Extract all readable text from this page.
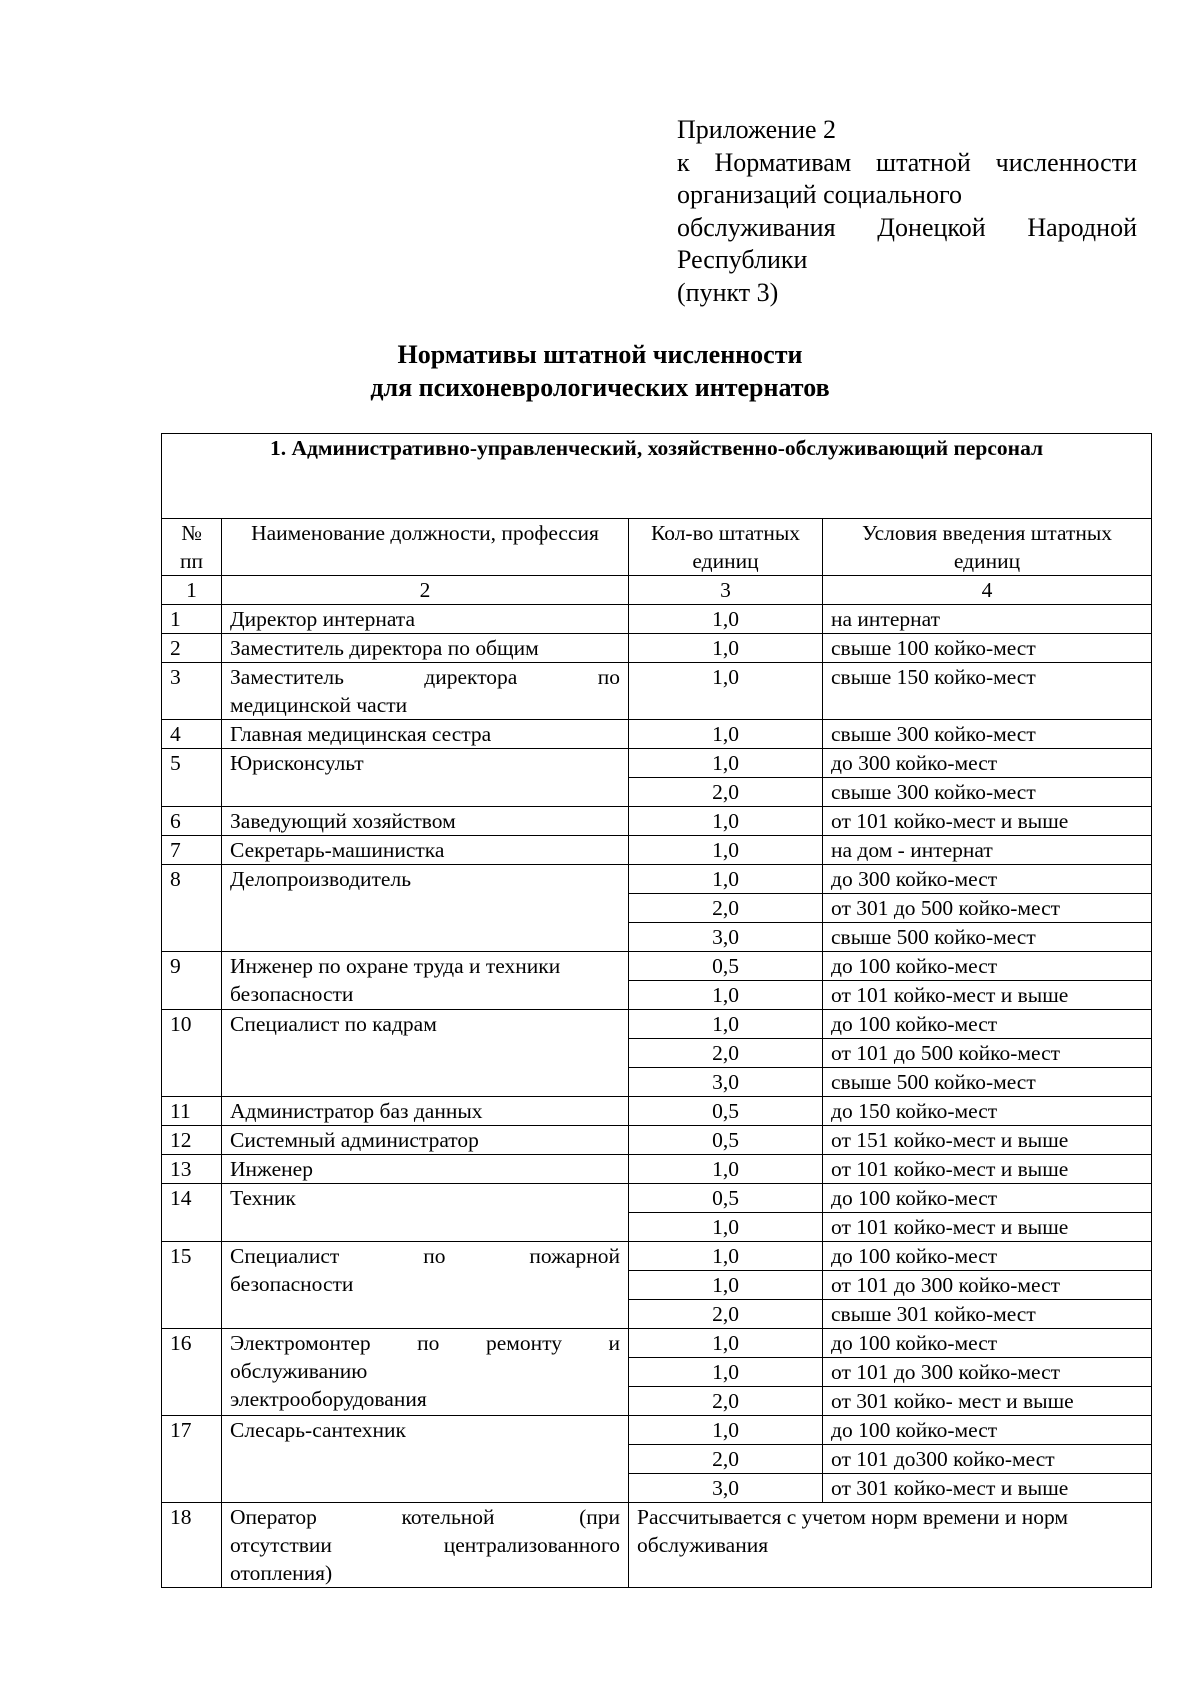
Приложение 2
к Нормативам штатной численности
организаций социального
обслуживания Донецкой Народной
Республики
(пункт 3)
Нормативы штатной численности
для психоневрологических интернатов
1. Административно-управленческий, хозяйственно-обслуживающий персонал			
№ пп	Наименование должности, профессия	Кол-во штатных единиц	Условия введения штатных единиц
1	2	3	4
1	Директор интерната	1,0	на интернат
2	Заместитель директора по общим	1,0	свыше 100 койко-мест
3	Заместитель директора по
медицинской части	1,0	свыше 150 койко-мест
4	Главная медицинская сестра	1,0	свыше 300 койко-мест
5	Юрисконсульт	1,0	до 300 койко-мест
		2,0	свыше 300 койко-мест
6	Заведующий хозяйством	1,0	от 101 койко-мест и выше
7	Секретарь-машинистка	1,0	на дом - интернат
8	Делопроизводитель	1,0	до 300 койко-мест
		2,0	от 301 до 500 койко-мест
		3,0	свыше 500 койко-мест
9	Инженер по охране труда и техники
безопасности	0,5	до 100 койко-мест
		1,0	от 101 койко-мест и выше
10	Специалист по кадрам	1,0	до 100 койко-мест
		2,0	от 101 до 500 койко-мест
		3,0	свыше 500 койко-мест
11	Администратор баз данных	0,5	до 150 койко-мест
12	Системный администратор	0,5	от 151 койко-мест и выше
13	Инженер	1,0	от 101 койко-мест и выше
14	Техник	0,5	до 100 койко-мест
		1,0	от 101 койко-мест и выше
15	Специалист по пожарной
безопасности	1,0	до 100 койко-мест
		1,0	от 101 до 300 койко-мест
		2,0	свыше 301 койко-мест
16	Электромонтер по ремонту и
обслуживанию
электрооборудования	1,0	до 100 койко-мест
		1,0	от 101 до 300 койко-мест
		2,0	от 301 койко- мест и выше
17	Слесарь-сантехник	1,0	до 100 койко-мест
		2,0	от 101 до300 койко-мест
		3,0	от 301 койко-мест и выше
18	Оператор котельной (при
отсутствии централизованного
отопления)	Рассчитывается с учетом норм времени и норм обслуживания	
